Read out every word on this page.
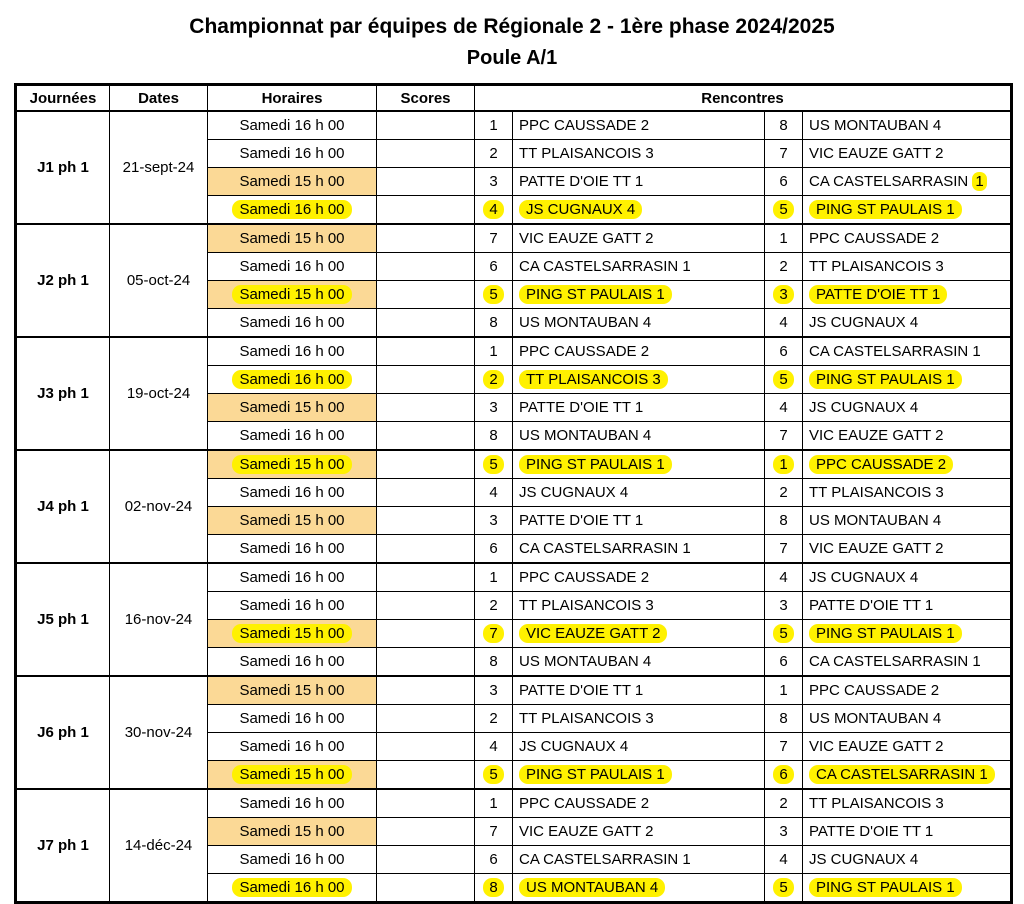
Championnat par équipes de Régionale 2 - 1ère phase 2024/2025
Poule A/1
Journées	Dates	Horaires	Scores	Rencontres			
J1 ph 1	21-sept-24	Samedi 16 h 00		1	PPC CAUSSADE 2	8	US MONTAUBAN 4
		Samedi 16 h 00		2	TT PLAISANCOIS 3	7	VIC EAUZE GATT 2
		Samedi 15 h 00		3	PATTE D'OIE TT 1	6	CA CASTELSARRASIN 1
		Samedi 16 h 00		4	JS CUGNAUX 4	5	PING ST PAULAIS 1
J2 ph 1	05-oct-24	Samedi 15 h 00		7	VIC EAUZE GATT 2	1	PPC CAUSSADE 2
		Samedi 16 h 00		6	CA CASTELSARRASIN 1	2	TT PLAISANCOIS 3
		Samedi 15 h 00		5	PING ST PAULAIS 1	3	PATTE D'OIE TT 1
		Samedi 16 h 00		8	US MONTAUBAN 4	4	JS CUGNAUX 4
J3 ph 1	19-oct-24	Samedi 16 h 00		1	PPC CAUSSADE 2	6	CA CASTELSARRASIN 1
		Samedi 16 h 00		2	TT PLAISANCOIS 3	5	PING ST PAULAIS 1
		Samedi 15 h 00		3	PATTE D'OIE TT 1	4	JS CUGNAUX 4
		Samedi 16 h 00		8	US MONTAUBAN 4	7	VIC EAUZE GATT 2
J4 ph 1	02-nov-24	Samedi 15 h 00		5	PING ST PAULAIS 1	1	PPC CAUSSADE 2
		Samedi 16 h 00		4	JS CUGNAUX 4	2	TT PLAISANCOIS 3
		Samedi 15 h 00		3	PATTE D'OIE TT 1	8	US MONTAUBAN 4
		Samedi 16 h 00		6	CA CASTELSARRASIN 1	7	VIC EAUZE GATT 2
J5 ph 1	16-nov-24	Samedi 16 h 00		1	PPC CAUSSADE 2	4	JS CUGNAUX 4
		Samedi 16 h 00		2	TT PLAISANCOIS 3	3	PATTE D'OIE TT 1
		Samedi 15 h 00		7	VIC EAUZE GATT 2	5	PING ST PAULAIS 1
		Samedi 16 h 00		8	US MONTAUBAN 4	6	CA CASTELSARRASIN 1
J6 ph 1	30-nov-24	Samedi 15 h 00		3	PATTE D'OIE TT 1	1	PPC CAUSSADE 2
		Samedi 16 h 00		2	TT PLAISANCOIS 3	8	US MONTAUBAN 4
		Samedi 16 h 00		4	JS CUGNAUX 4	7	VIC EAUZE GATT 2
		Samedi 15 h 00		5	PING ST PAULAIS 1	6	CA CASTELSARRASIN 1
J7 ph 1	14-déc-24	Samedi 16 h 00		1	PPC CAUSSADE 2	2	TT PLAISANCOIS 3
		Samedi 15 h 00		7	VIC EAUZE GATT 2	3	PATTE D'OIE TT 1
		Samedi 16 h 00		6	CA CASTELSARRASIN 1	4	JS CUGNAUX 4
		Samedi 16 h 00		8	US MONTAUBAN 4	5	PING ST PAULAIS 1
